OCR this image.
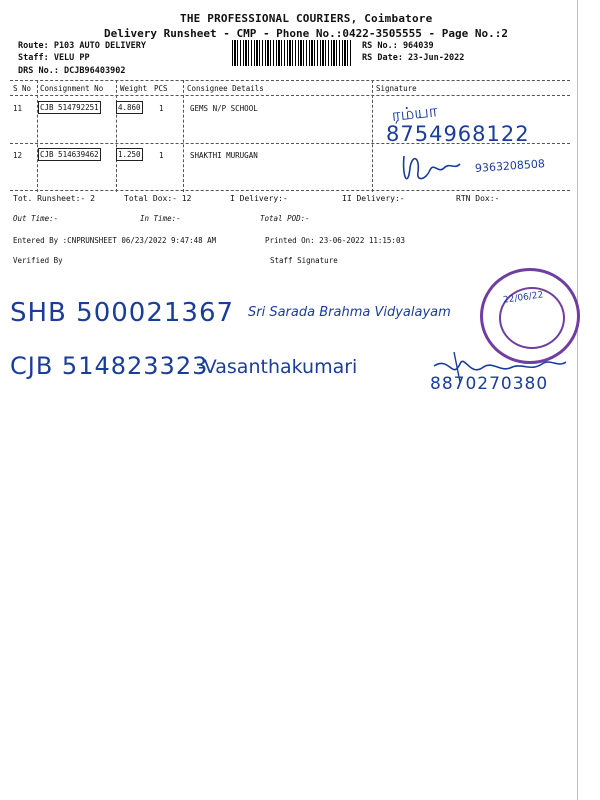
THE PROFESSIONAL COURIERS, Coimbatore
Delivery Runsheet - CMP - Phone No.:0422-3505555 - Page No.:2
Route: P103 AUTO DELIVERY
Staff: VELU PP
DRS No.: DCJB96403902
RS No.: 964039
RS Date: 23-Jun-2022
S No Consignment No Weight PCS	Consignee Details	Signature
11 CJB 514792251	4.860 1	GEMS N/P SCHOOL
12 CJB 514639462	1.250 1	SHAKTHI MURUGAN
ரம்யா
8754968122
9363208508
Tot. Runsheet:- 2	Total Dox:- 12	I Delivery:-	II Delivery:-	RTN Dox:-
Out Time:-	In Time:-	Total POD:-
Entered By :CNPRUNSHEET 06/23/2022 9:47:48 AM	Printed On: 23-06-2022 11:15:03
Verified By	Staff Signature
SHB 500021367 Sri Sarada Brahma Vidyalayam
CJB 514823323
-Vasanthakumari
8870270380
22/06/22
